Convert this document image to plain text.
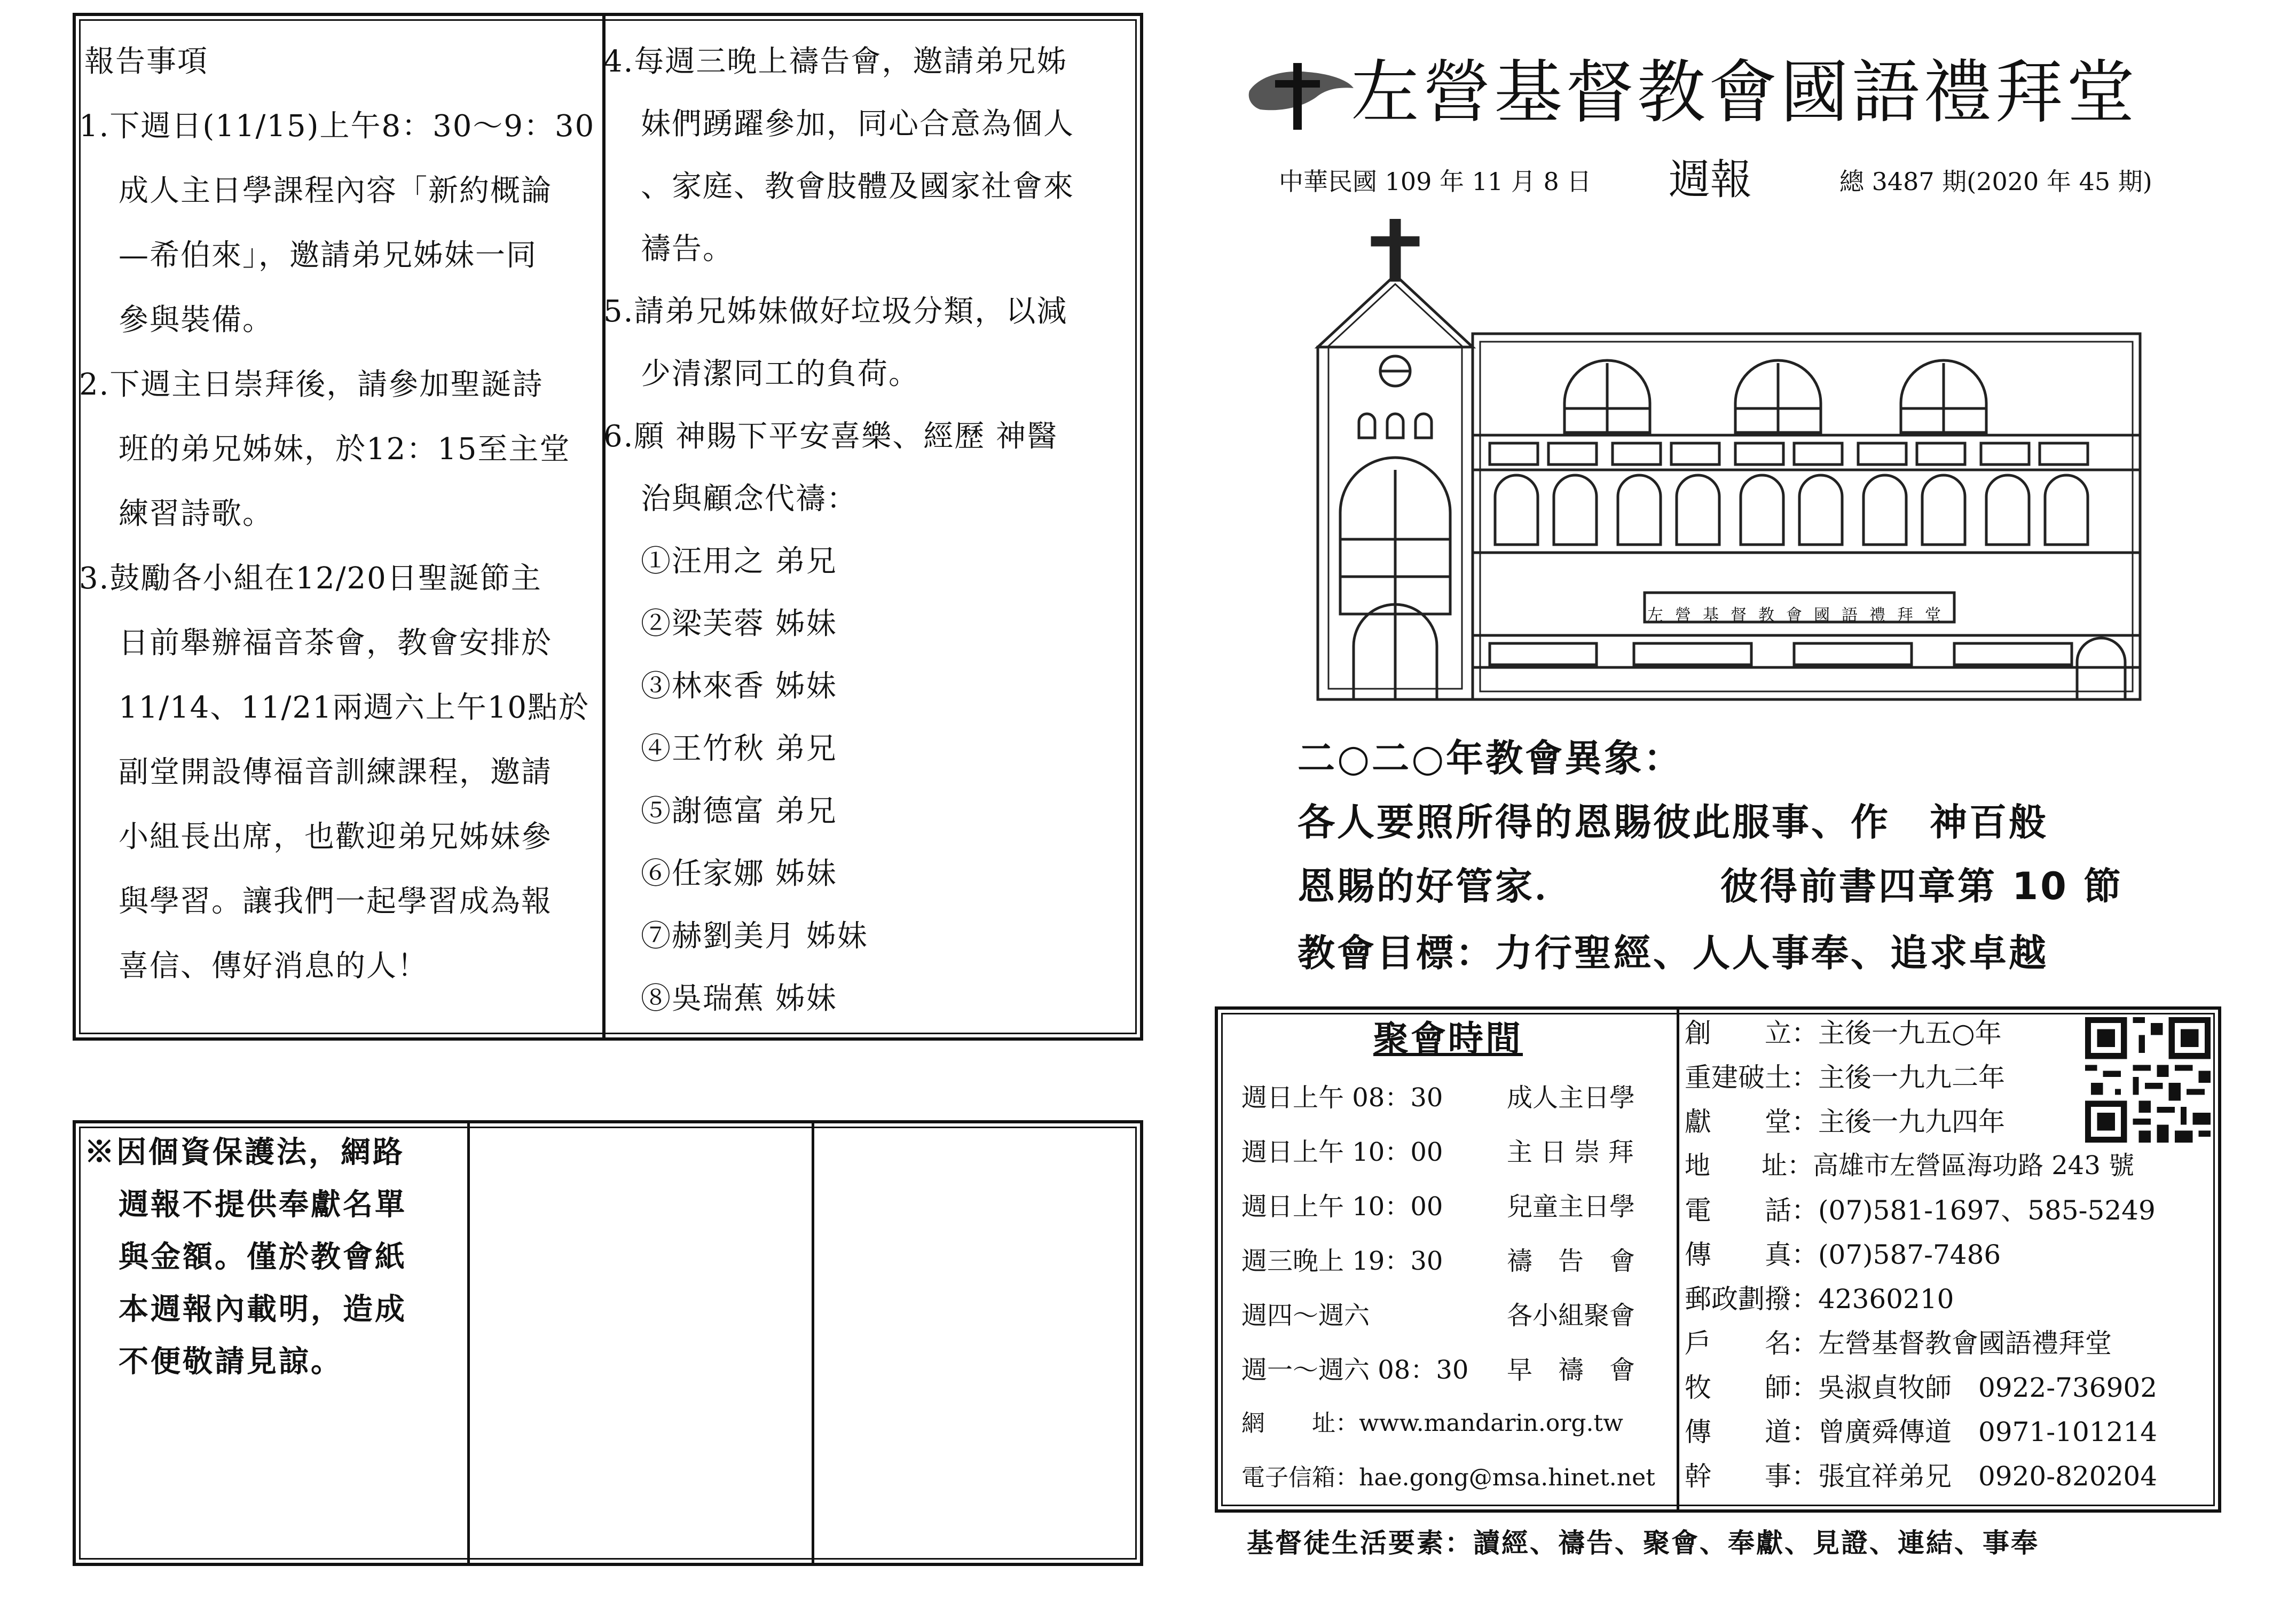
報告事項
1.下週日(11/15)上午8：30～9：30
成人主日學課程內容「新約概論
—希伯來」，邀請弟兄姊妹一同
參與裝備。
2.下週主日崇拜後，請參加聖誕詩
班的弟兄姊妹，於12：15至主堂
練習詩歌。
3.鼓勵各小組在12/20日聖誕節主
日前舉辦福音茶會，教會安排於
11/14、11/21兩週六上午10點於
副堂開設傳福音訓練課程，邀請
小組長出席，也歡迎弟兄姊妹參
與學習。讓我們一起學習成為報
喜信、傳好消息的人！
4.每週三晚上禱告會，邀請弟兄姊
妹們踴躍參加，同心合意為個人
、家庭、教會肢體及國家社會來
禱告。
5.請弟兄姊妹做好垃圾分類，以減
少清潔同工的負荷。
6.願 神賜下平安喜樂、經歷 神醫
治與顧念代禱：
①汪用之 弟兄
②梁芙蓉 姊妹
③林來香 姊妹
④王竹秋 弟兄
⑤謝德富 弟兄
⑥任家娜 姊妹
⑦赫劉美月 姊妹
⑧吳瑞蕉 姊妹
※因個資保護法，網路
週報不提供奉獻名單
與金額。僅於教會紙
本週報內載明，造成
不便敬請見諒。
左營基督教會國語禮拜堂
中華民國 109 年 11 月 8 日 週報	總 3487 期(2020 年 45 期)
左營基督教會國語禮拜堂
二○二○年教會異象：
各人要照所得的恩賜彼此服事、作　神百般
恩賜的好管家．	彼得前書四章第 10 節
教會目標：力行聖經、人人事奉、追求卓越
聚會時間
週日上午 08：30 成人主日學
週日上午 10：00 主 日 崇 拜
週日上午 10：00 兒童主日學
週三晚上 19：30 禱　告　會
週四～週六	各小組聚會
週一～週六 08：30 早　禱　會
網　　址：www.mandarin.org.tw
電子信箱：hae.gong@msa.hinet.net
創　　立：主後一九五○年
重建破土：主後一九九二年
獻　　堂：主後一九九四年
地　　址：高雄市左營區海功路 243 號
電　　話：(07)581-1697、585-5249
傳　　真：(07)587-7486
郵政劃撥：42360210
戶　　名：左營基督教會國語禮拜堂
牧　　師：吳淑貞牧師　0922-736902
傳　　道：曾廣舜傳道　0971-101214
幹　　事：張宜祥弟兄　0920-820204
基督徒生活要素：讀經、禱告、聚會、奉獻、見證、連結、事奉
